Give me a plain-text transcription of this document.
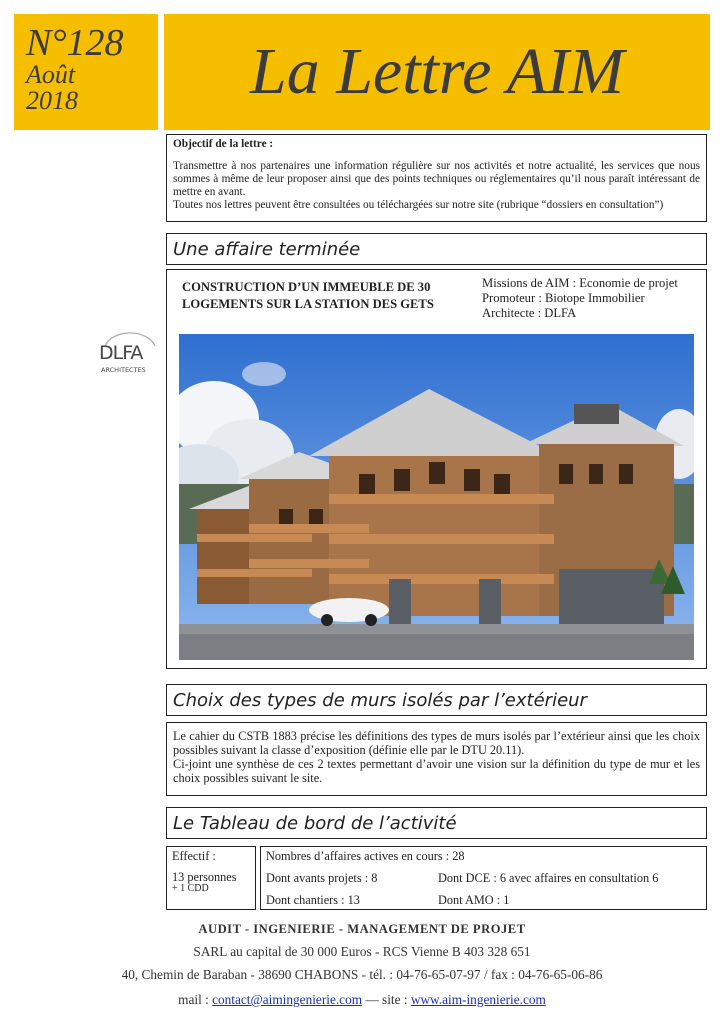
N°128
Août
2018	La Lettre AIM
Objectif de la lettre :
Transmettre à nos partenaires une information régulière sur nos activités et notre actualité, les services que nous sommes à même de leur proposer ainsi que des points techniques ou réglementaires qu’il nous paraît intéressant de mettre en avant.
Toutes nos lettres peuvent être consultées ou téléchargées sur notre site (rubrique “dossiers en consultation”)
Une affaire terminée
CONSTRUCTION D’UN IMMEUBLE DE 30
LOGEMENTS SUR LA STATION DES GETS
Missions de AIM : Economie de projet
Promoteur : Biotope Immobilier
Architecte : DLFA
DLFA
ARCHITECTES
Choix des types de murs isolés par l’extérieur
Le cahier du CSTB 1883 précise les définitions des types de murs isolés par l’extérieur ainsi que les choix possibles suivant la classe d’exposition (définie elle par le DTU 20.11).
Ci-joint une synthèse de ces 2 textes permettant d’avoir une vision sur la définition du type de mur et les choix possibles suivant le site.
Le Tableau de bord de l’activité
Effectif :
13 personnes
+ 1 CDD
Nombres d’affaires actives en cours : 28
Dont avants projets : 8	Dont DCE : 6 avec affaires en consultation 6
Dont chantiers : 13	Dont AMO : 1
AUDIT - INGENIERIE - MANAGEMENT DE PROJET
SARL au capital de 30 000 Euros - RCS Vienne B 403 328 651
40, Chemin de Baraban - 38690 CHABONS - tél. : 04-76-65-07-97 / fax : 04-76-65-06-86
mail : contact@aimingenierie.com — site : www.aim-ingenierie.com
